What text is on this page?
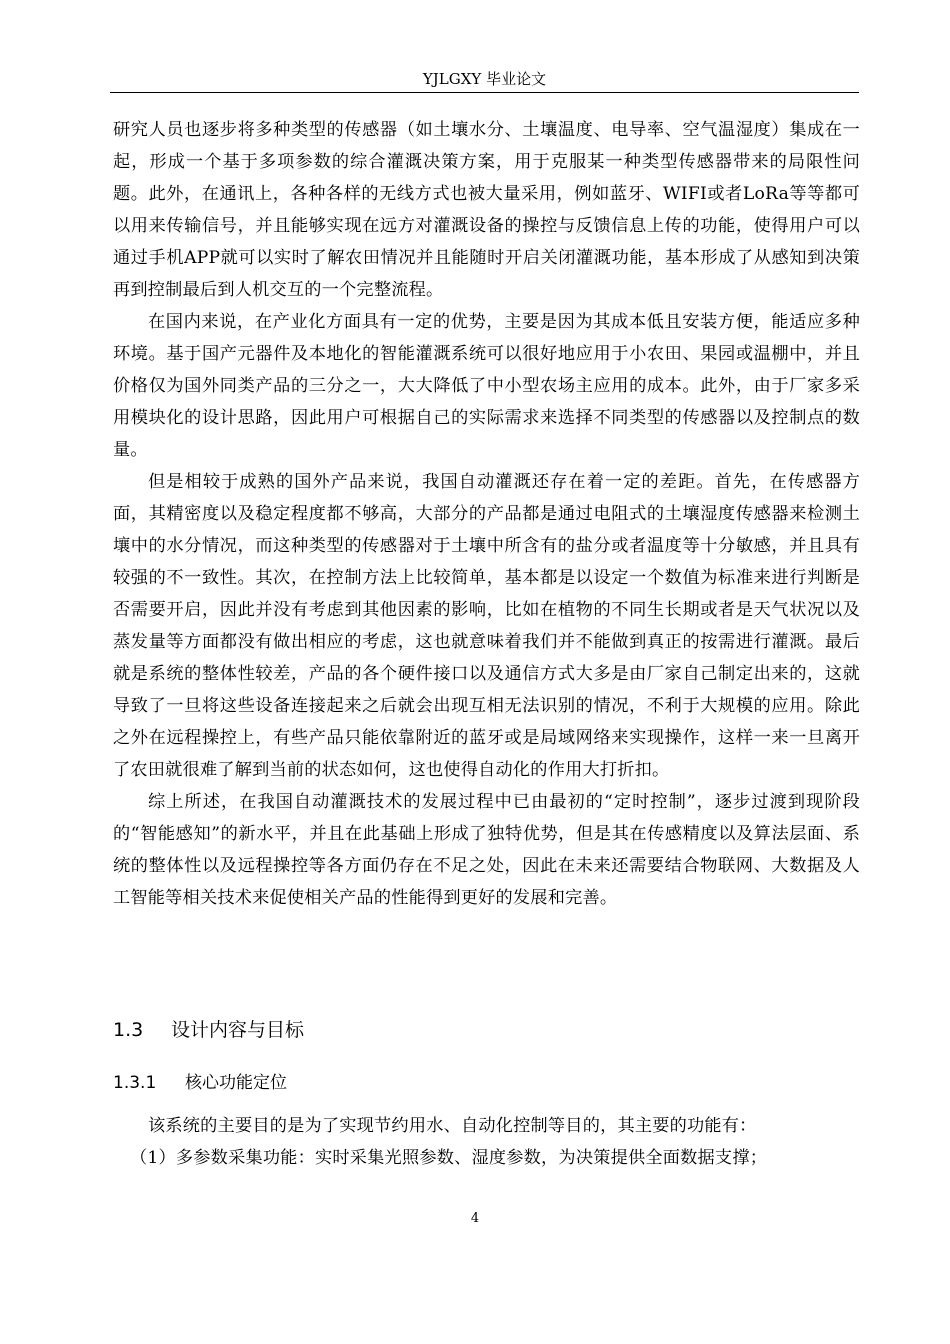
YJLGXY 毕业论文

研究人员也逐步将多种类型的传感器（如土壤水分、土壤温度、电导率、空气温湿度）集成在一起，形成一个基于多项参数的综合灌溉决策方案，用于克服某一种类型传感器带来的局限性问题。此外，在通讯上，各种各样的无线方式也被大量采用，例如蓝牙、WIFI或者LoRa等等都可以用来传输信号，并且能够实现在远方对灌溉设备的操控与反馈信息上传的功能，使得用户可以通过手机APP就可以实时了解农田情况并且能随时开启关闭灌溉功能，基本形成了从感知到决策再到控制最后到人机交互的一个完整流程。

在国内来说，在产业化方面具有一定的优势，主要是因为其成本低且安装方便，能适应多种环境。基于国产元器件及本地化的智能灌溉系统可以很好地应用于小农田、果园或温棚中，并且价格仅为国外同类产品的三分之一，大大降低了中小型农场主应用的成本。此外，由于厂家多采用模块化的设计思路，因此用户可根据自己的实际需求来选择不同类型的传感器以及控制点的数量。

但是相较于成熟的国外产品来说，我国自动灌溉还存在着一定的差距。首先，在传感器方面，其精密度以及稳定程度都不够高，大部分的产品都是通过电阻式的土壤湿度传感器来检测土壤中的水分情况，而这种类型的传感器对于土壤中所含有的盐分或者温度等十分敏感，并且具有较强的不一致性。其次，在控制方法上比较简单，基本都是以设定一个数值为标准来进行判断是否需要开启，因此并没有考虑到其他因素的影响，比如在植物的不同生长期或者是天气状况以及蒸发量等方面都没有做出相应的考虑，这也就意味着我们并不能做到真正的按需进行灌溉。最后就是系统的整体性较差，产品的各个硬件接口以及通信方式大多是由厂家自己制定出来的，这就导致了一旦将这些设备连接起来之后就会出现互相无法识别的情况，不利于大规模的应用。除此之外在远程操控上，有些产品只能依靠附近的蓝牙或是局域网络来实现操作，这样一来一旦离开了农田就很难了解到当前的状态如何，这也使得自动化的作用大打折扣。

综上所述，在我国自动灌溉技术的发展过程中已由最初的“定时控制”，逐步过渡到现阶段的“智能感知”的新水平，并且在此基础上形成了独特优势，但是其在传感精度以及算法层面、系统的整体性以及远程操控等各方面仍存在不足之处，因此在未来还需要结合物联网、大数据及人工智能等相关技术来促使相关产品的性能得到更好的发展和完善。

1.3 设计内容与目标
1.3.1 核心功能定位

该系统的主要目的是为了实现节约用水、自动化控制等目的，其主要的功能有：

（1）多参数采集功能：实时采集光照参数、湿度参数，为决策提供全面数据支撑；

4
